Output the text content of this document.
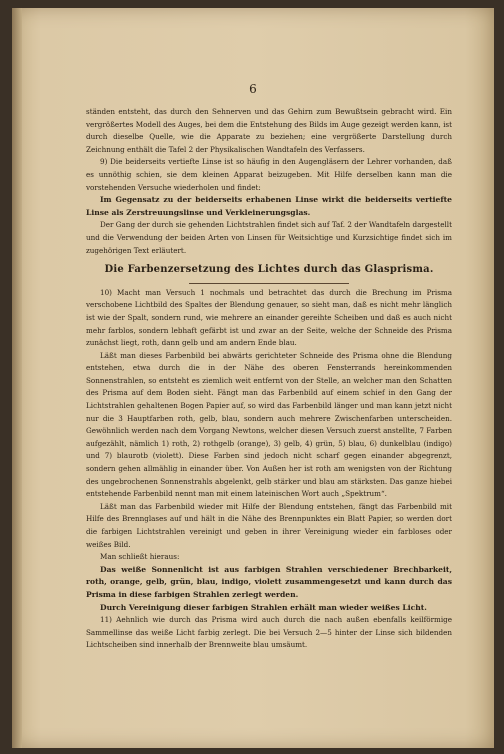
6

ständen entsteht, das durch den Sehnerven und das Gehirn zum Bewußtsein gebracht wird. Ein vergrößertes Modell des Auges, bei dem die Entstehung des Bilds im Auge gezeigt werden kann, ist durch dieselbe Quelle, wie die Apparate zu beziehen; eine vergrößerte Darstellung durch Zeichnung enthält die Tafel 2 der Physikalischen Wandtafeln des Verfassers.

9) Die beiderseits vertiefte Linse ist so häufig in den Augengläsern der Lehrer vorhanden, daß es unnöthig schien, sie dem kleinen Apparat beizugeben. Mit Hilfe derselben kann man die vorstehenden Versuche wiederholen und findet:

Im Gegensatz zu der beiderseits erhabenen Linse wirkt die beiderseits vertiefte Linse als Zerstreuungslinse und Verkleinerungsglas.

Der Gang der durch sie gehenden Lichtstrahlen findet sich auf Taf. 2 der Wandtafeln dargestellt und die Verwendung der beiden Arten von Linsen für Weitsichtige und Kurzsichtige findet sich im zugehörigen Text erläutert.

Die Farbenzersetzung des Lichtes durch das Glasprisma.

10) Macht man Versuch 1 nochmals und betrachtet das durch die Brechung im Prisma verschobene Lichtbild des Spaltes der Blendung genauer, so sieht man, daß es nicht mehr länglich ist wie der Spalt, sondern rund, wie mehrere an einander gereihte Scheiben und daß es auch nicht mehr farblos, sondern lebhaft gefärbt ist und zwar an der Seite, welche der Schneide des Prisma zunächst liegt, roth, dann gelb und am andern Ende blau.

Läßt man dieses Farbenbild bei abwärts gerichteter Schneide des Prisma ohne die Blendung entstehen, etwa durch die in der Nähe des oberen Fensterrands hereinkommenden Sonnenstrahlen, so entsteht es ziemlich weit entfernt von der Stelle, an welcher man den Schatten des Prisma auf dem Boden sieht. Fängt man das Farbenbild auf einem schief in den Gang der Lichtstrahlen gehaltenen Bogen Papier auf, so wird das Farbenbild länger und man kann jetzt nicht nur die 3 Hauptfarben roth, gelb, blau, sondern auch mehrere Zwischenfarben unterscheiden. Gewöhnlich werden nach dem Vorgang Newtons, welcher diesen Versuch zuerst anstellte, 7 Farben aufgezählt, nämlich 1) roth, 2) rothgelb (orange), 3) gelb, 4) grün, 5) blau, 6) dunkelblau (indigo) und 7) blaurotb (violett). Diese Farben sind jedoch nicht scharf gegen einander abgegrenzt, sondern gehen allmählig in einander über. Von Außen her ist roth am wenigsten von der Richtung des ungebrochenen Sonnenstrahls abgelenkt, gelb stärker und blau am stärksten. Das ganze hiebei entstehende Farbenbild nennt man mit einem lateinischen Wort auch „Spektrum“.

Läßt man das Farbenbild wieder mit Hilfe der Blendung entstehen, fängt das Farbenbild mit Hilfe des Brennglases auf und hält in die Nähe des Brennpunktes ein Blatt Papier, so werden dort die farbigen Lichtstrahlen vereinigt und geben in ihrer Vereinigung wieder ein farbloses oder weißes Bild.

Man schließt hieraus:

Das weiße Sonnenlicht ist aus farbigen Strahlen verschiedener Brechbarkeit, roth, orange, gelb, grün, blau, indigo, violett zusammengesetzt und kann durch das Prisma in diese farbigen Strahlen zerlegt werden.

Durch Vereinigung dieser farbigen Strahlen erhält man wieder weißes Licht.

11) Aehnlich wie durch das Prisma wird auch durch die nach außen ebenfalls keilförmige Sammellinse das weiße Licht farbig zerlegt. Die bei Versuch 2—5 hinter der Linse sich bildenden Lichtscheiben sind innerhalb der Brennweite blau umsäumt.
